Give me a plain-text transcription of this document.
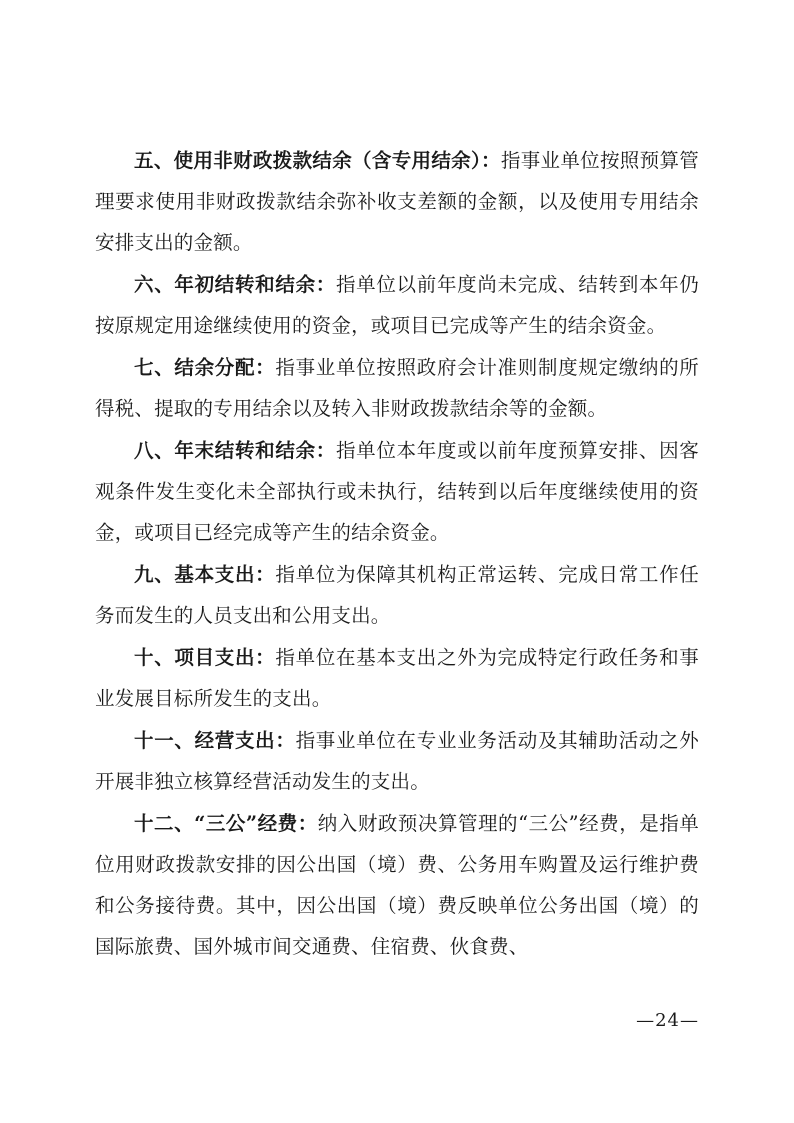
五、使用非财政拨款结余（含专用结余）：指事业单位按照预算管理要求使用非财政拨款结余弥补收支差额的金额，以及使用专用结余安排支出的金额。

六、年初结转和结余：指单位以前年度尚未完成、结转到本年仍按原规定用途继续使用的资金，或项目已完成等产生的结余资金。

七、结余分配：指事业单位按照政府会计准则制度规定缴纳的所得税、提取的专用结余以及转入非财政拨款结余等的金额。

八、年末结转和结余：指单位本年度或以前年度预算安排、因客观条件发生变化未全部执行或未执行，结转到以后年度继续使用的资金，或项目已经完成等产生的结余资金。

九、基本支出：指单位为保障其机构正常运转、完成日常工作任务而发生的人员支出和公用支出。

十、项目支出：指单位在基本支出之外为完成特定行政任务和事业发展目标所发生的支出。

十一、经营支出：指事业单位在专业业务活动及其辅助活动之外开展非独立核算经营活动发生的支出。

十二、“三公”经费：纳入财政预决算管理的“三公”经费，是指单位用财政拨款安排的因公出国（境）费、公务用车购置及运行维护费和公务接待费。其中，因公出国（境）费反映单位公务出国（境）的国际旅费、国外城市间交通费、住宿费、伙食费、

—24—
